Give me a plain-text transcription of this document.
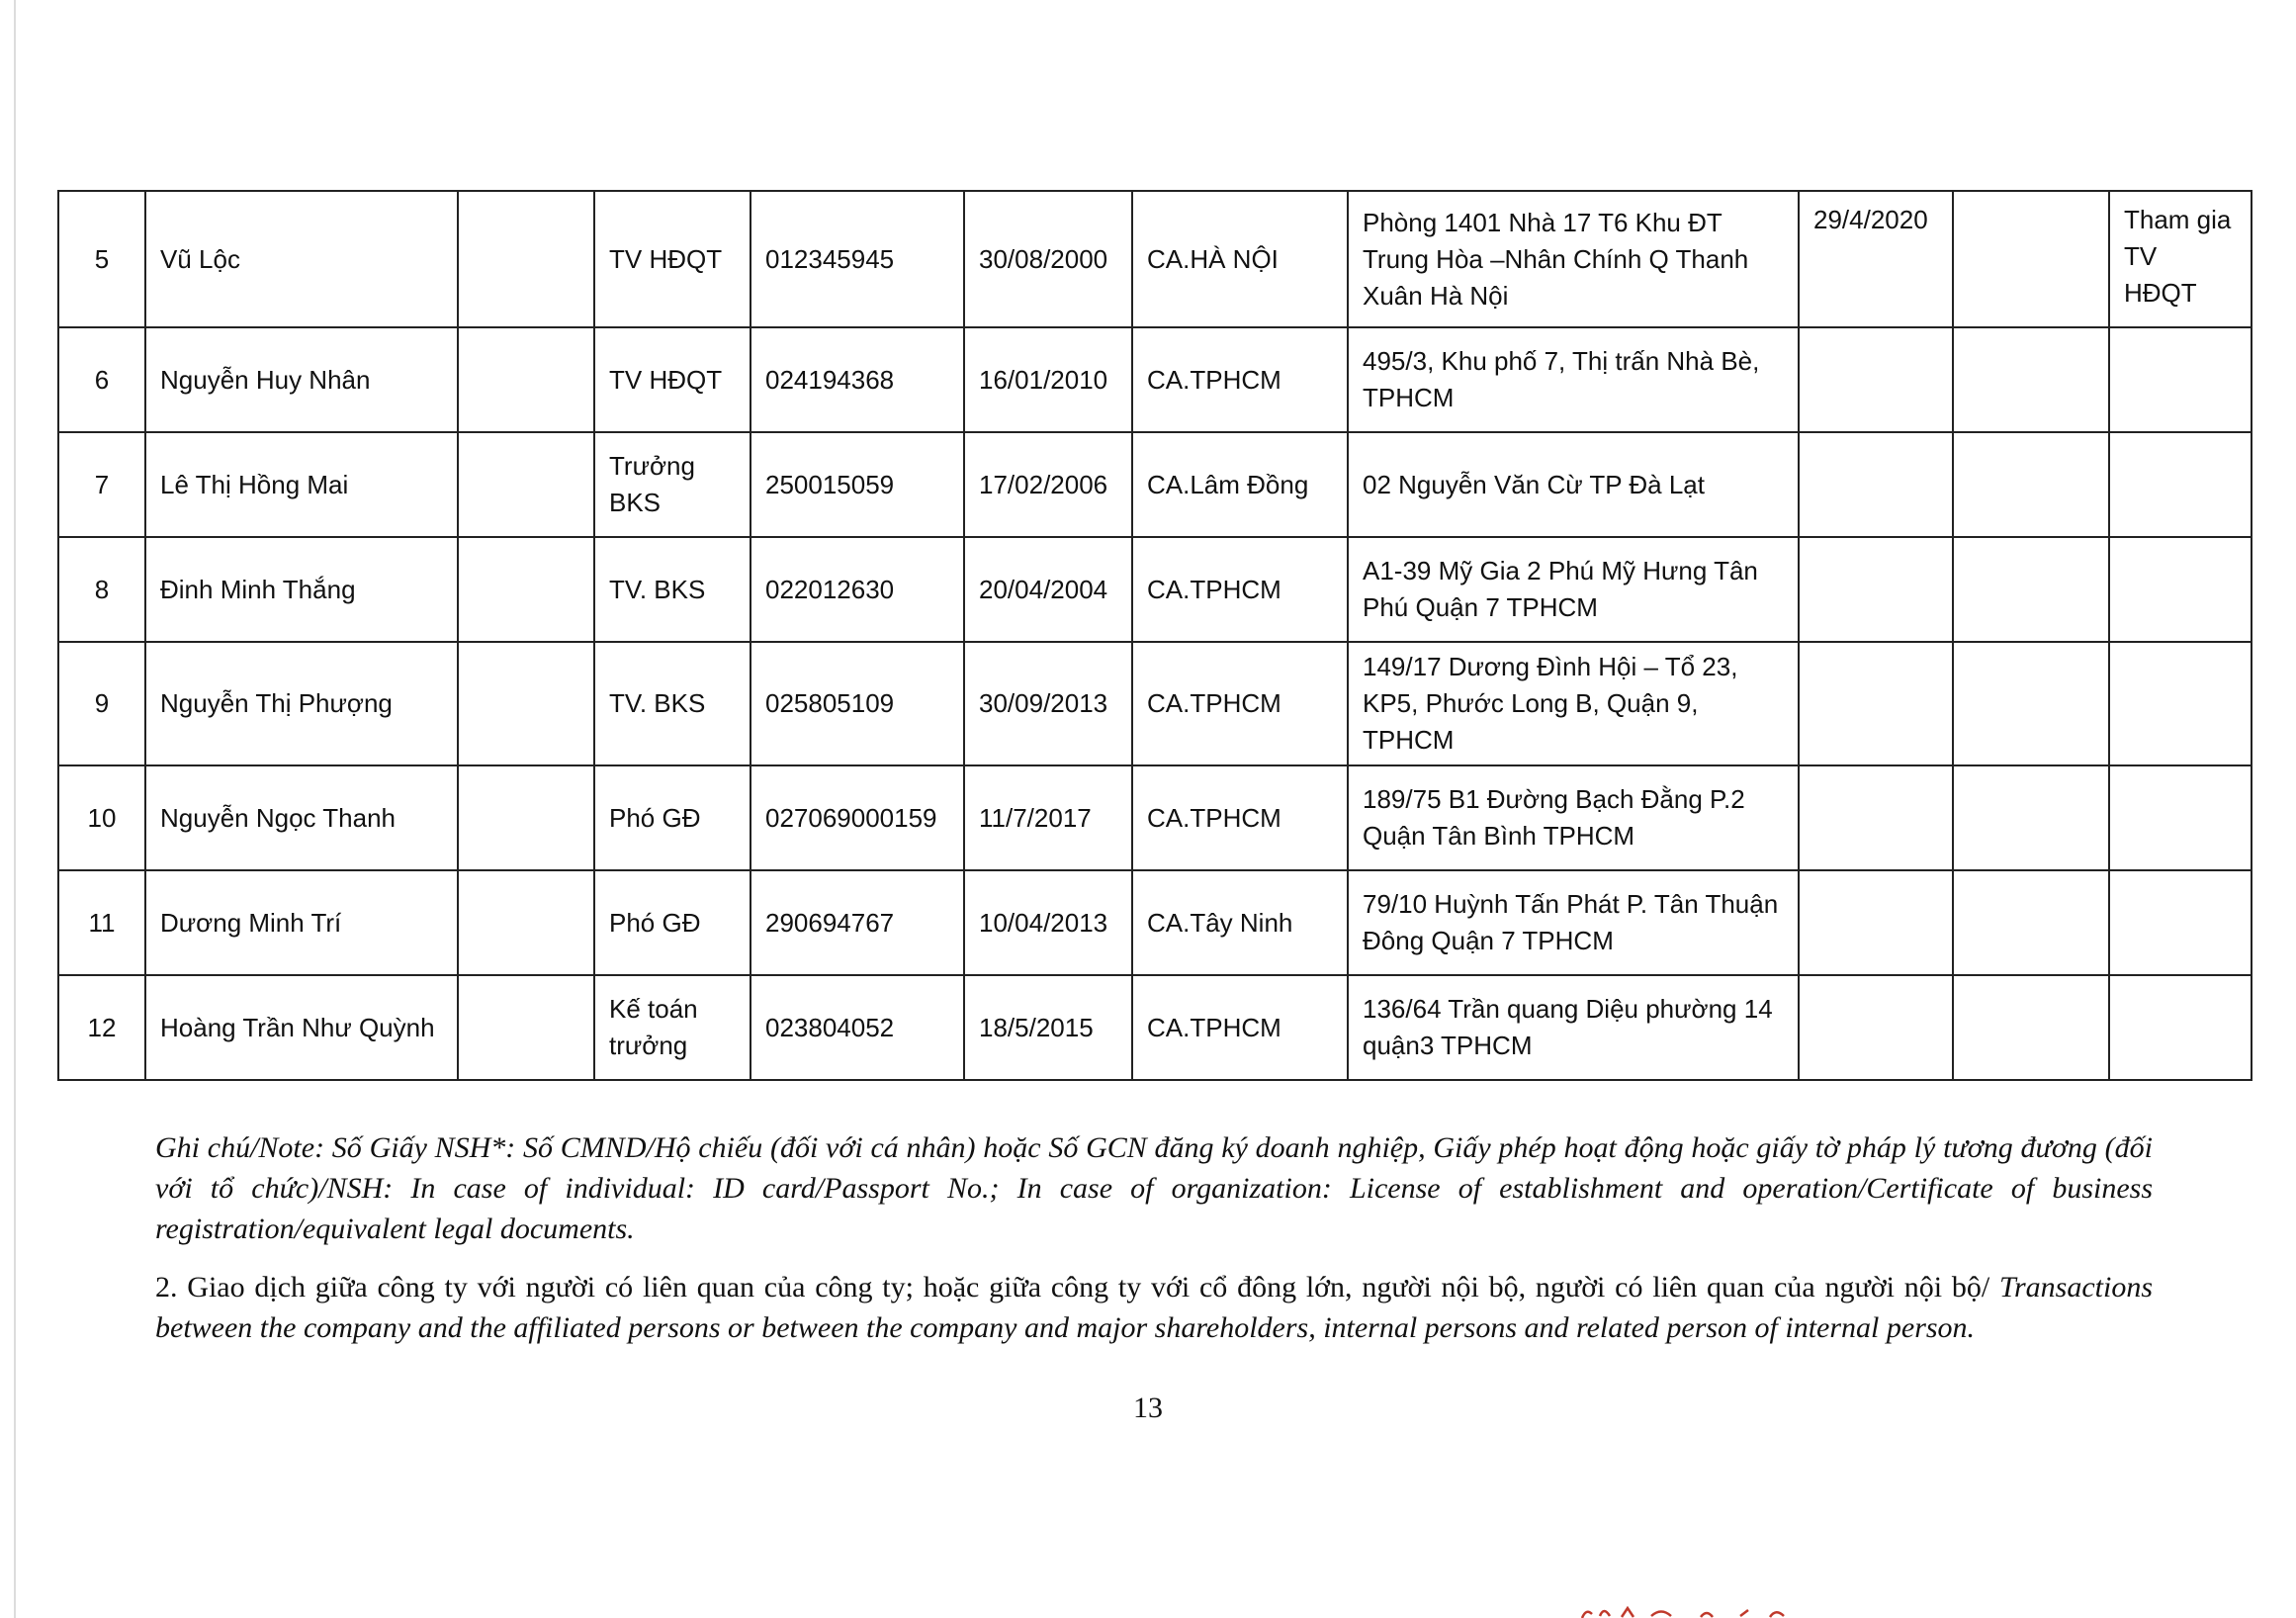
5	Vũ Lộc		TV HĐQT	012345945	30/08/2000	CA.HÀ NỘI	Phòng 1401 Nhà 17 T6 Khu ĐT Trung Hòa –Nhân Chính Q Thanh Xuân Hà Nội	29/4/2020		Tham gia TV HĐQT
6	Nguyễn Huy Nhân		TV HĐQT	024194368	16/01/2010	CA.TPHCM	495/3, Khu phố 7, Thị trấn Nhà Bè, TPHCM			
7	Lê Thị Hồng Mai		Trưởng BKS	250015059	17/02/2006	CA.Lâm Đồng	02 Nguyễn Văn Cừ TP Đà Lạt			
8	Đinh Minh Thắng		TV. BKS	022012630	20/04/2004	CA.TPHCM	A1-39 Mỹ Gia 2 Phú Mỹ Hưng Tân Phú Quận 7 TPHCM			
9	Nguyễn Thị Phượng		TV. BKS	025805109	30/09/2013	CA.TPHCM	149/17 Dương Đình Hội – Tổ 23, KP5, Phước Long B, Quận 9, TPHCM			
10	Nguyễn Ngọc Thanh		Phó GĐ	027069000159	11/7/2017	CA.TPHCM	189/75 B1 Đường Bạch Đằng P.2 Quận Tân Bình TPHCM			
11	Dương Minh Trí		Phó GĐ	290694767	10/04/2013	CA.Tây Ninh	79/10 Huỳnh Tấn Phát P. Tân Thuận Đông Quận 7 TPHCM			
12	Hoàng Trần Như Quỳnh		Kế toán trưởng	023804052	18/5/2015	CA.TPHCM	136/64 Trần quang Diệu phường 14 quận3 TPHCM			

Ghi chú/Note: Số Giấy NSH*: Số CMND/Hộ chiếu (đối với cá nhân) hoặc Số GCN đăng ký doanh nghiệp, Giấy phép hoạt động hoặc giấy tờ pháp lý tương đương (đối với tổ chức)/NSH: In case of individual: ID card/Passport No.; In case of organization: License of establishment and operation/Certificate of business registration/equivalent legal documents.

2. Giao dịch giữa công ty với người có liên quan của công ty; hoặc giữa công ty với cổ đông lớn, người nội bộ, người có liên quan của người nội bộ/ Transactions between the company and the affiliated persons or between the company and major shareholders, internal persons and related person of internal person.

13
